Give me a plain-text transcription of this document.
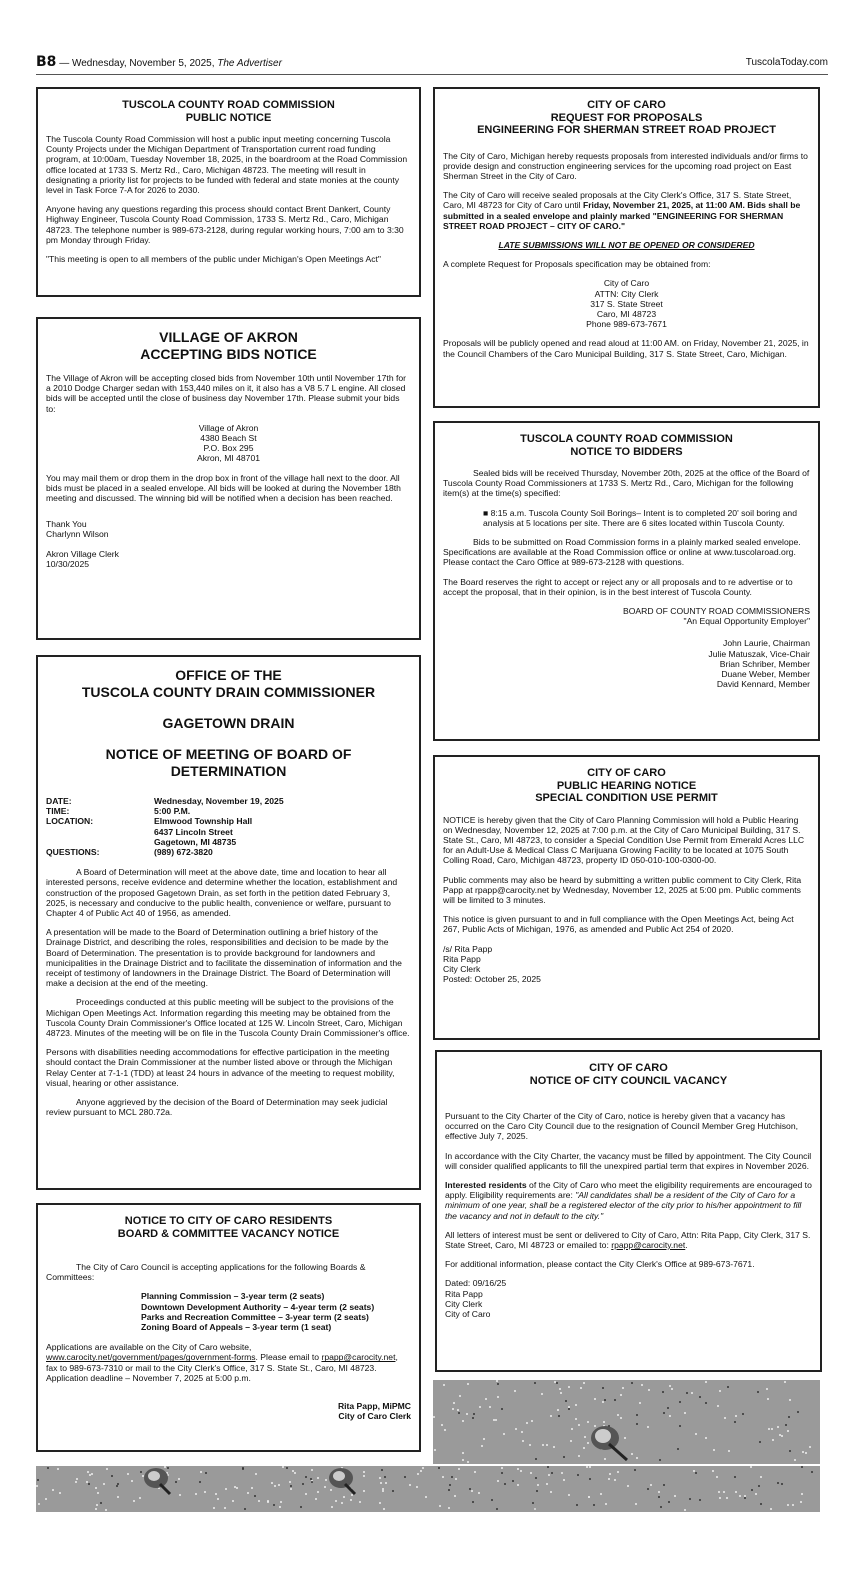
B8 — Wednesday, November 5, 2025, The Advertiser	TuscolaToday.com
TUSCOLA COUNTY ROAD COMMISSION
PUBLIC NOTICE

The Tuscola County Road Commission will host a public input meeting concerning Tuscola County Projects under the Michigan Department of Transportation current road funding program, at 10:00am, Tuesday November 18, 2025, in the boardroom at the Road Commission office located at 1733 S. Mertz Rd., Caro, Michigan 48723. The meeting will result in designating a priority list for projects to be funded with federal and state monies at the county level in Task Force 7-A for 2026 to 2030.

Anyone having any questions regarding this process should contact Brent Dankert, County Highway Engineer, Tuscola County Road Commission, 1733 S. Mertz Rd., Caro, Michigan 48723. The telephone number is 989-673-2128, during regular working hours, 7:00 am to 3:30 pm Monday through Friday.

"This meeting is open to all members of the public under Michigan's Open Meetings Act"

VILLAGE OF AKRON
ACCEPTING BIDS NOTICE

The Village of Akron will be accepting closed bids from November 10th until November 17th for a 2010 Dodge Charger sedan with 153,440 miles on it, it also has a V8 5.7 L engine. All closed bids will be accepted until the close of business day November 17th. Please submit your bids to:

Village of Akron
4380 Beach St
P.O. Box 295
Akron, MI 48701

You may mail them or drop them in the drop box in front of the village hall next to the door. All bids must be placed in a sealed envelope. All bids will be looked at during the November 18th meeting and discussed. The winning bid will be notified when a decision has been reached.

Thank You
Charlynn Wilson

Akron Village Clerk
10/30/2025

OFFICE OF THE
TUSCOLA COUNTY DRAIN COMMISSIONER
GAGETOWN DRAIN
NOTICE OF MEETING OF BOARD OF DETERMINATION
DATE:	Wednesday, November 19, 2025
TIME:	5:00 P.M.
LOCATION:	Elmwood Township Hall
6437 Lincoln Street
Gagetown, MI 48735
QUESTIONS:	(989) 672-3820

A Board of Determination will meet at the above date, time and location to hear all interested persons, receive evidence and determine whether the location, establishment and construction of the proposed Gagetown Drain, as set forth in the petition dated February 3, 2025, is necessary and conducive to the public health, convenience or welfare, pursuant to Chapter 4 of Public Act 40 of 1956, as amended.

A presentation will be made to the Board of Determination outlining a brief history of the Drainage District, and describing the roles, responsibilities and decision to be made by the Board of Determination. The presentation is to provide background for landowners and municipalities in the Drainage District and to facilitate the dissemination of information and the receipt of testimony of landowners in the Drainage District. The Board of Determination will make a decision at the end of the meeting.

Proceedings conducted at this public meeting will be subject to the provisions of the Michigan Open Meetings Act. Information regarding this meeting may be obtained from the Tuscola County Drain Commissioner's Office located at 125 W. Lincoln Street, Caro, Michigan 48723. Minutes of the meeting will be on file in the Tuscola County Drain Commissioner's office.

Persons with disabilities needing accommodations for effective participation in the meeting should contact the Drain Commissioner at the number listed above or through the Michigan Relay Center at 7-1-1 (TDD) at least 24 hours in advance of the meeting to request mobility, visual, hearing or other assistance.

Anyone aggrieved by the decision of the Board of Determination may seek judicial review pursuant to MCL 280.72a.

NOTICE TO CITY OF CARO RESIDENTS
BOARD & COMMITTEE VACANCY NOTICE

The City of Caro Council is accepting applications for the following Boards & Committees:

Planning Commission – 3-year term (2 seats)
Downtown Development Authority – 4-year term (2 seats)
Parks and Recreation Committee – 3-year term (2 seats)
Zoning Board of Appeals – 3-year term (1 seat)

Applications are available on the City of Caro website,
www.carocity.net/government/pages/government-forms. Please email to rpapp@carocity.net, fax to 989-673-7310 or mail to the City Clerk's Office, 317 S. State St., Caro, MI 48723. Application deadline – November 7, 2025 at 5:00 p.m.

Rita Papp, MiPMC
City of Caro Clerk
CITY OF CARO
REQUEST FOR PROPOSALS
ENGINEERING FOR SHERMAN STREET ROAD PROJECT

The City of Caro, Michigan hereby requests proposals from interested individuals and/or firms to provide design and construction engineering services for the upcoming road project on East Sherman Street in the City of Caro.

The City of Caro will receive sealed proposals at the City Clerk's Office, 317 S. State Street, Caro, MI 48723 for City of Caro until Friday, November 21, 2025, at 11:00 AM. Bids shall be submitted in a sealed envelope and plainly marked "ENGINEERING FOR SHERMAN STREET ROAD PROJECT – CITY OF CARO."

LATE SUBMISSIONS WILL NOT BE OPENED OR CONSIDERED

A complete Request for Proposals specification may be obtained from:

City of Caro
ATTN: City Clerk
317 S. State Street
Caro, MI 48723
Phone 989-673-7671

Proposals will be publicly opened and read aloud at 11:00 AM. on Friday, November 21, 2025, in the Council Chambers of the Caro Municipal Building, 317 S. State Street, Caro, Michigan.

TUSCOLA COUNTY ROAD COMMISSION
NOTICE TO BIDDERS

Sealed bids will be received Thursday, November 20th, 2025 at the office of the Board of Tuscola County Road Commissioners at 1733 S. Mertz Rd., Caro, Michigan for the following item(s) at the time(s) specified:

■ 8:15 a.m. Tuscola County Soil Borings– Intent is to completed 20' soil boring and analysis at 5 locations per site. There are 6 sites located within Tuscola County.

Bids to be submitted on Road Commission forms in a plainly marked sealed envelope. Specifications are available at the Road Commission office or online at www.tuscolaroad.org. Please contact the Caro Office at 989-673-2128 with questions.

The Board reserves the right to accept or reject any or all proposals and to re advertise or to accept the proposal, that in their opinion, is in the best interest of Tuscola County.

BOARD OF COUNTY ROAD COMMISSIONERS
"An Equal Opportunity Employer"
John Laurie, Chairman
Julie Matuszak, Vice-Chair
Brian Schriber, Member
Duane Weber, Member
David Kennard, Member
CITY OF CARO
PUBLIC HEARING NOTICE
SPECIAL CONDITION USE PERMIT

NOTICE is hereby given that the City of Caro Planning Commission will hold a Public Hearing on Wednesday, November 12, 2025 at 7:00 p.m. at the City of Caro Municipal Building, 317 S. State St., Caro, MI 48723, to consider a Special Condition Use Permit from Emerald Acres LLC for an Adult-Use & Medical Class C Marijuana Growing Facility to be located at 1075 South Colling Road, Caro, Michigan 48723, property ID 050-010-100-0300-00.

Public comments may also be heard by submitting a written public comment to City Clerk, Rita Papp at rpapp@carocity.net by Wednesday, November 12, 2025 at 5:00 pm. Public comments will be limited to 3 minutes.

This notice is given pursuant to and in full compliance with the Open Meetings Act, being Act 267, Public Acts of Michigan, 1976, as amended and Public Act 254 of 2020.

/s/ Rita Papp
Rita Papp
City Clerk
Posted: October 25, 2025
CITY OF CARO
NOTICE OF CITY COUNCIL VACANCY

Pursuant to the City Charter of the City of Caro, notice is hereby given that a vacancy has occurred on the Caro City Council due to the resignation of Council Member Greg Hutchison, effective July 7, 2025.

In accordance with the City Charter, the vacancy must be filled by appointment. The City Council will consider qualified applicants to fill the unexpired partial term that expires in November 2026.

Interested residents of the City of Caro who meet the eligibility requirements are encouraged to apply. Eligibility requirements are: "All candidates shall be a resident of the City of Caro for a minimum of one year, shall be a registered elector of the city prior to his/her appointment to fill the vacancy and not in default to the city."

All letters of interest must be sent or delivered to City of Caro, Attn: Rita Papp, City Clerk, 317 S. State Street, Caro, MI 48723 or emailed to: rpapp@carocity.net.

For additional information, please contact the City Clerk's Office at 989-673-7671.

Dated: 09/16/25
Rita Papp
City Clerk
City of Caro
